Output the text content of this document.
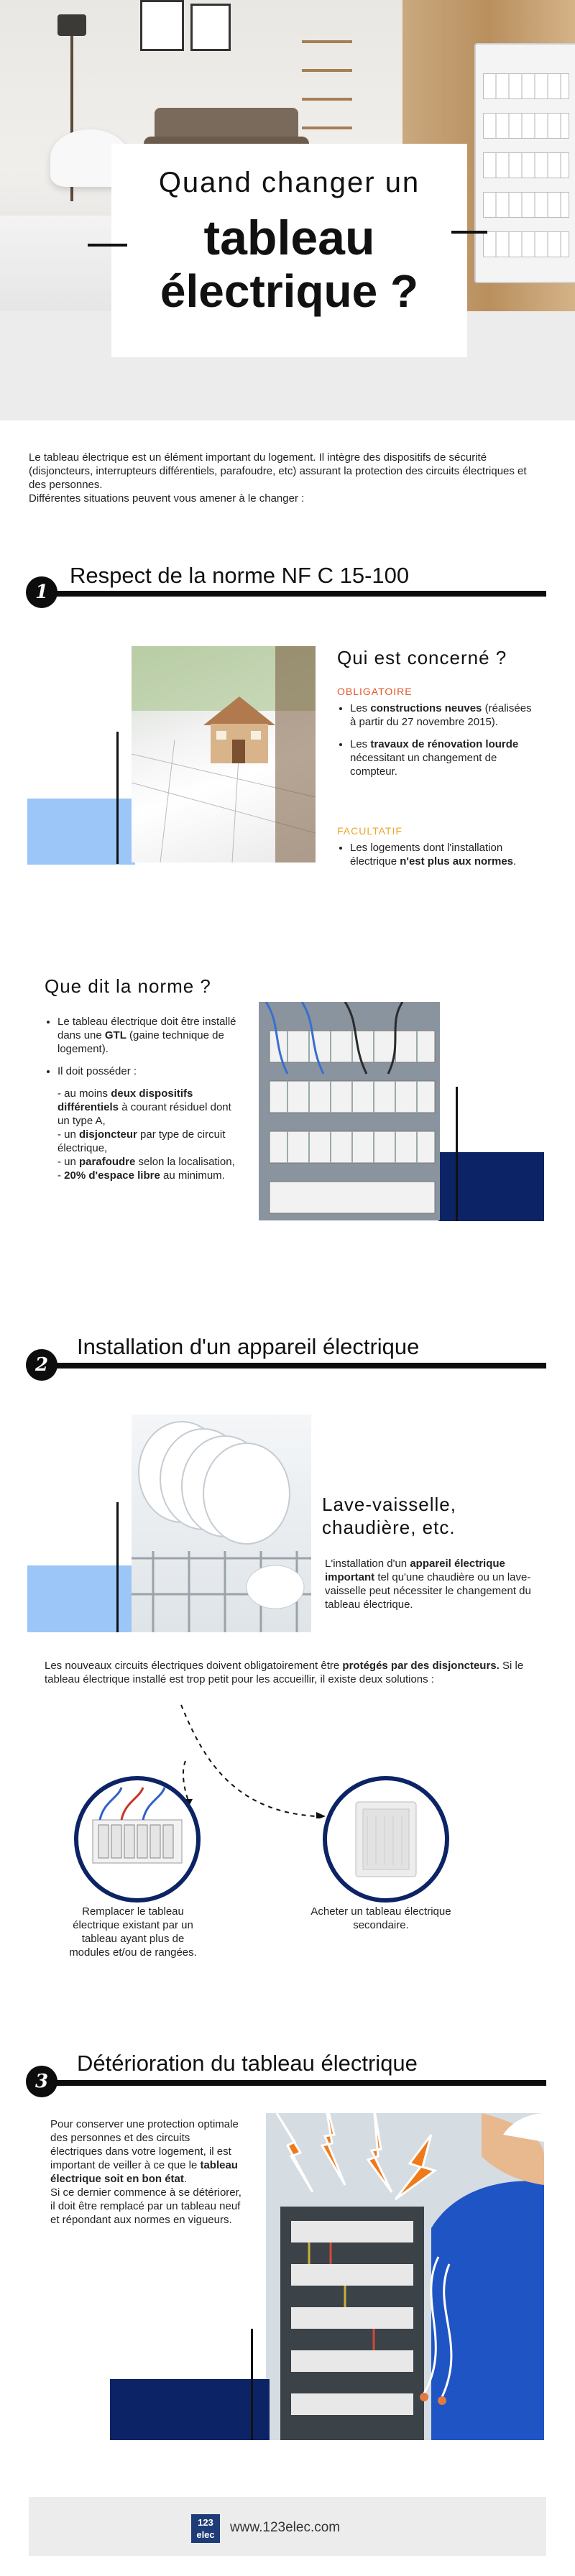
Quand changer un
tableau
électrique ?
Le tableau électrique est un élément important du logement. Il intègre des dispositifs de sécurité (disjoncteurs, interrupteurs différentiels, parafoudre, etc) assurant la protection des circuits électriques et des personnes.
Différentes situations peuvent vous amener à le changer :
1
Respect de la norme NF C 15-100
Qui est concerné ?
OBLIGATOIRE
• Les constructions neuves (réalisées à partir du 27 novembre 2015).
• Les travaux de rénovation lourde nécessitant un changement de compteur.
FACULTATIF
• Les logements dont l'installation électrique n'est plus aux normes.
Que dit la norme ?
• Le tableau électrique doit être installé dans une GTL (gaine technique de logement).
• Il doit posséder :
- au moins deux dispositifs différentiels à courant résiduel dont un type A,
- un disjoncteur par type de circuit électrique,
- un parafoudre selon la localisation,
- 20% d'espace libre au minimum.
2
Installation d'un appareil électrique
Lave-vaisselle,
chaudière, etc.
L'installation d'un appareil électrique important tel qu'une chaudière ou un lave-vaisselle peut nécessiter le changement du tableau électrique.
Les nouveaux circuits électriques doivent obligatoirement être protégés par des disjoncteurs. Si le tableau électrique installé est trop petit pour les accueillir, il existe deux solutions :
Remplacer le tableau électrique existant par un tableau ayant plus de modules et/ou de rangées.
Acheter un tableau électrique secondaire.
3
Détérioration du tableau électrique
Pour conserver une protection optimale des personnes et des circuits électriques dans votre logement, il est important de veiller à ce que le tableau électrique soit en bon état.
Si ce dernier commence à se détériorer, il doit être remplacé par un tableau neuf et répondant aux normes en vigueurs.
123
elec	www.123elec.com
